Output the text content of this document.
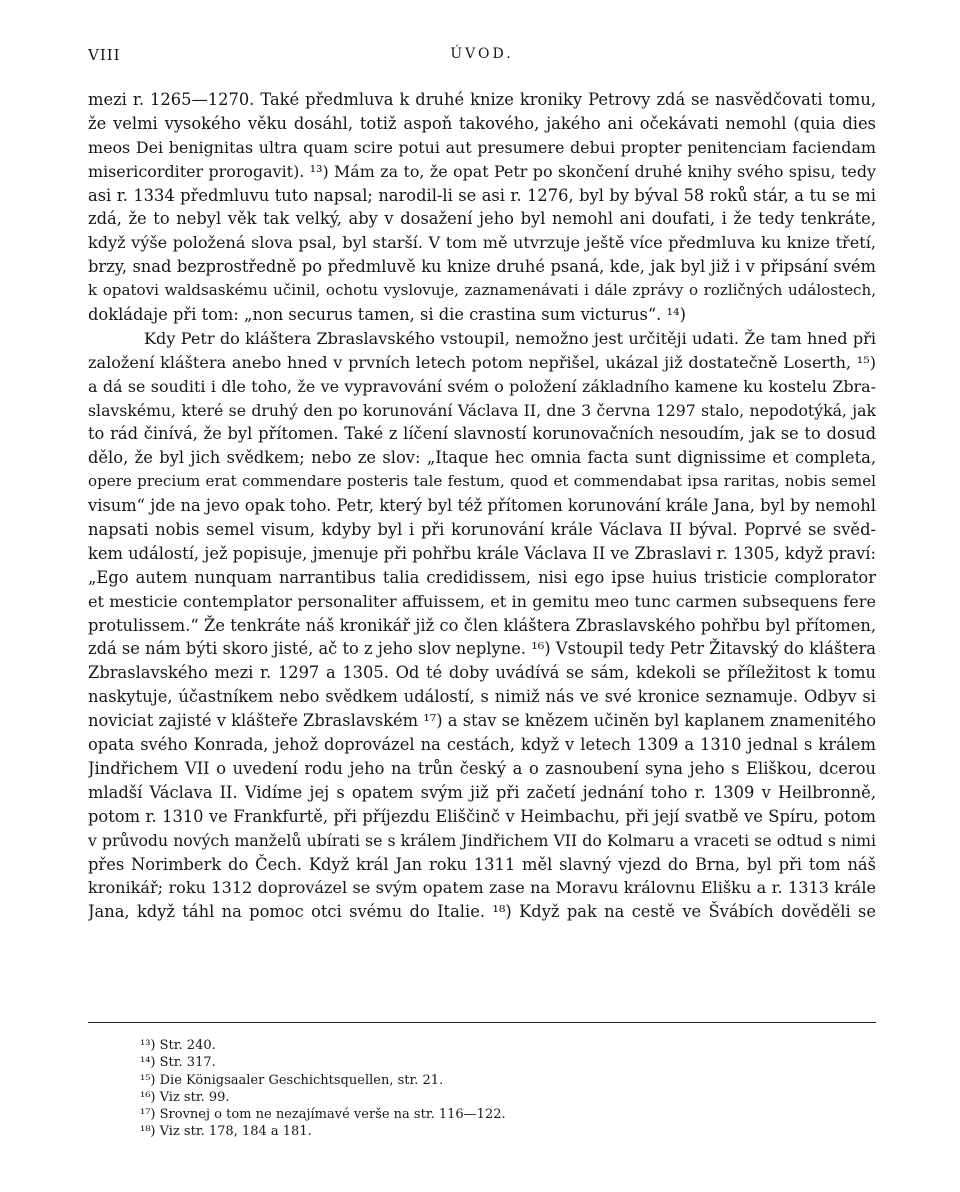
VIII	ÚVOD.
mezi r. 1265—1270. Také předmluva k druhé knize kroniky Petrovy zdá se nasvědčovati tomu,
že velmi vysokého věku dosáhl, totiž aspoň takového, jakého ani očekávati nemohl (quia dies
meos Dei benignitas ultra quam scire potui aut presumere debui propter penitenciam faciendam
misericorditer prorogavit). ¹³) Mám za to, že opat Petr po skončení druhé knihy svého spisu, tedy
asi r. 1334 předmluvu tuto napsal; narodil-li se asi r. 1276, byl by býval 58 roků stár, a tu se mi
zdá, že to nebyl věk tak velký, aby v dosažení jeho byl nemohl ani doufati, i že tedy tenkráte,
když výše položená slova psal, byl starší. V tom mě utvrzuje ještě více předmluva ku knize třetí,
brzy, snad bezprostředně po předmluvě ku knize druhé psaná, kde, jak byl již i v připsání svém
k opatovi waldsaskému učinil, ochotu vyslovuje, zaznamenávati i dále zprávy o rozličných událostech,
dokládaje při tom: „non securus tamen, si die crastina sum victurus“. ¹⁴)
Kdy Petr do kláštera Zbraslavského vstoupil, nemožno jest určitěji udati. Že tam hned při
založení kláštera anebo hned v prvních letech potom nepřišel, ukázal již dostatečně Loserth, ¹⁵)
a dá se souditi i dle toho, že ve vypravování svém o položení základního kamene ku kostelu Zbra-
slavskému, které se druhý den po korunování Václava II, dne 3 června 1297 stalo, nepodotýká, jak
to rád činívá, že byl přítomen. Také z líčení slavností korunovačních nesoudím, jak se to dosud
dělo, že byl jich svědkem; nebo ze slov: „Itaque hec omnia facta sunt dignissime et completa,
opere precium erat commendare posteris tale festum, quod et commendabat ipsa raritas, nobis semel
visum“ jde na jevo opak toho. Petr, který byl též přítomen korunování krále Jana, byl by nemohl
napsati nobis semel visum, kdyby byl i při korunování krále Václava II býval. Poprvé se svěd-
kem událostí, jež popisuje, jmenuje při pohřbu krále Václava II ve Zbraslavi r. 1305, když praví:
„Ego autem nunquam narrantibus talia credidissem, nisi ego ipse huius tristicie complorator
et mesticie contemplator personaliter affuissem, et in gemitu meo tunc carmen subsequens fere
protulissem.“ Že tenkráte náš kronikář již co člen kláštera Zbraslavského pohřbu byl přítomen,
zdá se nám býti skoro jisté, ač to z jeho slov neplyne. ¹⁶) Vstoupil tedy Petr Žitavský do kláštera
Zbraslavského mezi r. 1297 a 1305. Od té doby uvádívá se sám, kdekoli se příležitost k tomu
naskytuje, účastníkem nebo svědkem událostí, s nimiž nás ve své kronice seznamuje. Odbyv si
noviciat zajisté v klášteře Zbraslavském ¹⁷) a stav se knězem učiněn byl kaplanem znamenitého
opata svého Konrada, jehož doprovázel na cestách, když v letech 1309 a 1310 jednal s králem
Jindřichem VII o uvedení rodu jeho na trůn český a o zasnoubení syna jeho s Eliškou, dcerou
mladší Václava II. Vidíme jej s opatem svým již při začetí jednání toho r. 1309 v Heilbronně,
potom r. 1310 ve Frankfurtě, při příjezdu Eliščinč v Heimbachu, při její svatbě ve Spíru, potom
v průvodu nových manželů ubírati se s králem Jindřichem VII do Kolmaru a vraceti se odtud s nimi
přes Norimberk do Čech. Když král Jan roku 1311 měl slavný vjezd do Brna, byl při tom náš
kronikář; roku 1312 doprovázel se svým opatem zase na Moravu královnu Elišku a r. 1313 krále
Jana, když táhl na pomoc otci svému do Italie. ¹⁸) Když pak na cestě ve Švábích dověděli se
¹³) Str. 240.
¹⁴) Str. 317.
¹⁵) Die Königsaaler Geschichtsquellen, str. 21.
¹⁶) Viz str. 99.
¹⁷) Srovnej o tom ne nezajímavé verše na str. 116—122.
¹⁸) Viz str. 178, 184 a 181.
